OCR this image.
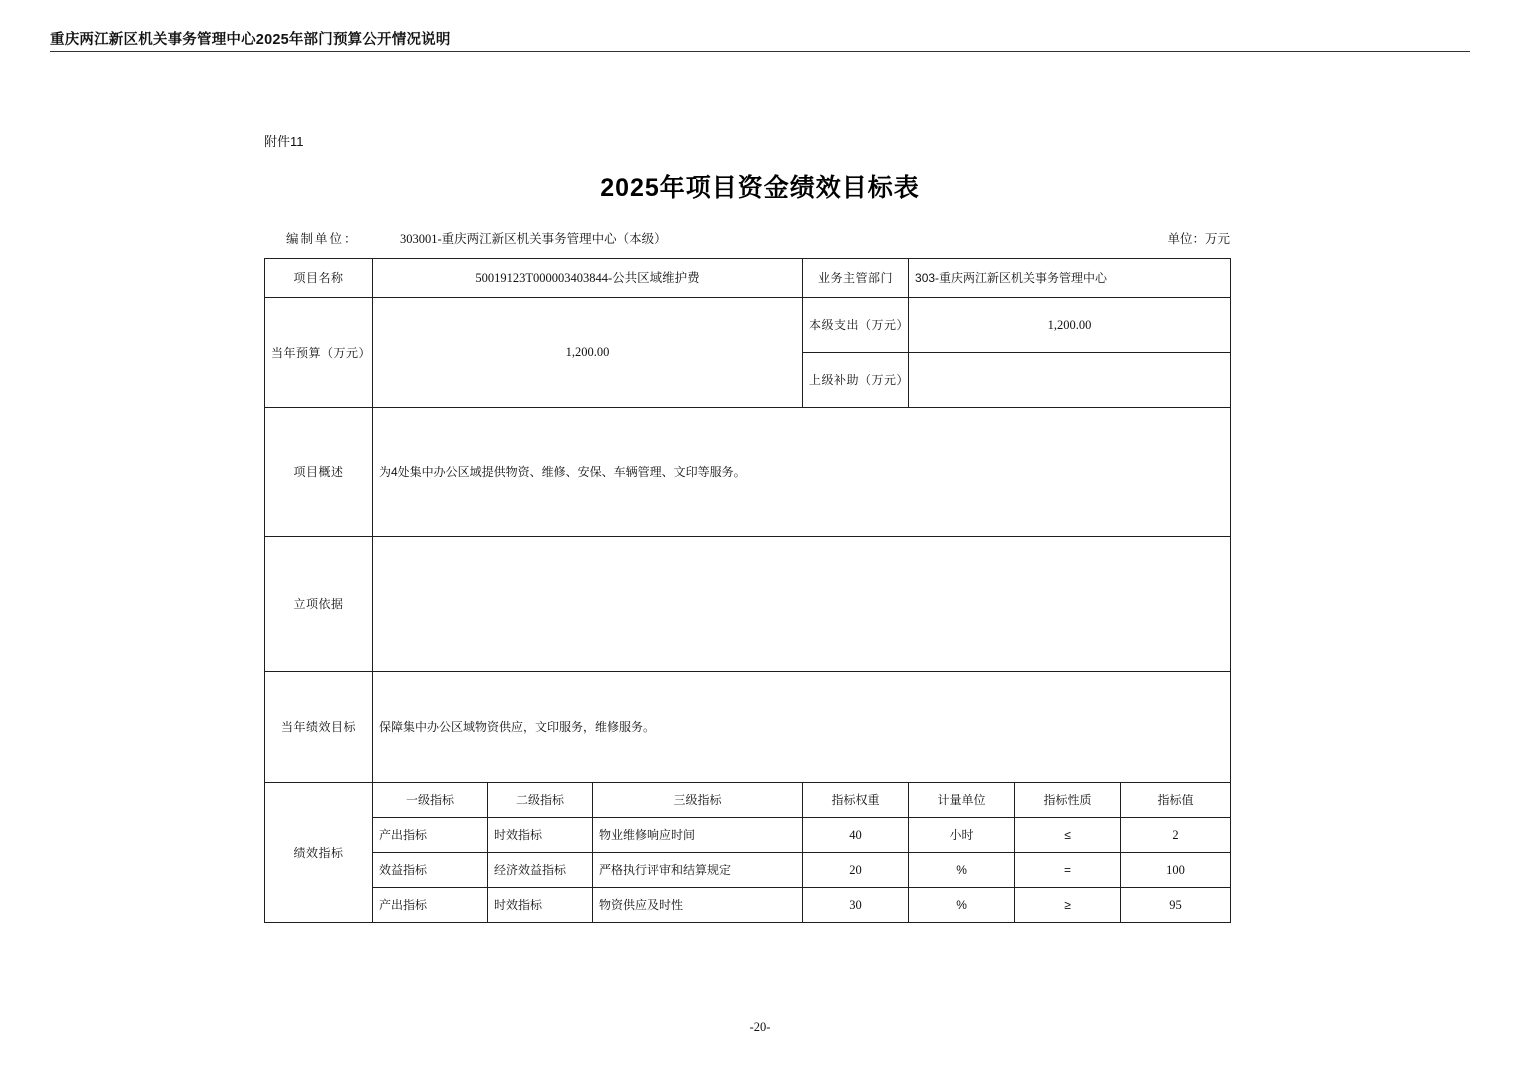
重庆两江新区机关事务管理中心2025年部门预算公开情况说明
附件11
2025年项目资金绩效目标表
编制单位：	303001-重庆两江新区机关事务管理中心（本级）	单位：万元
项目名称	50019123T000003403844-公共区域维护费			业务主管部门	303-重庆两江新区机关事务管理中心		
当年预算（万元）	1,200.00			本级支出（万元）	1,200.00		
				上级补助（万元）			
项目概述	为4处集中办公区域提供物资、维修、安保、车辆管理、文印等服务。						
立项依据							
当年绩效目标	保障集中办公区域物资供应，文印服务，维修服务。						
绩效指标	一级指标	二级指标	三级指标	指标权重	计量单位	指标性质	指标值
	产出指标	时效指标	物业维修响应时间	40	小时	≤	2
	效益指标	经济效益指标	严格执行评审和结算规定	20	%	=	100
	产出指标	时效指标	物资供应及时性	30	%	≥	95
-20-
